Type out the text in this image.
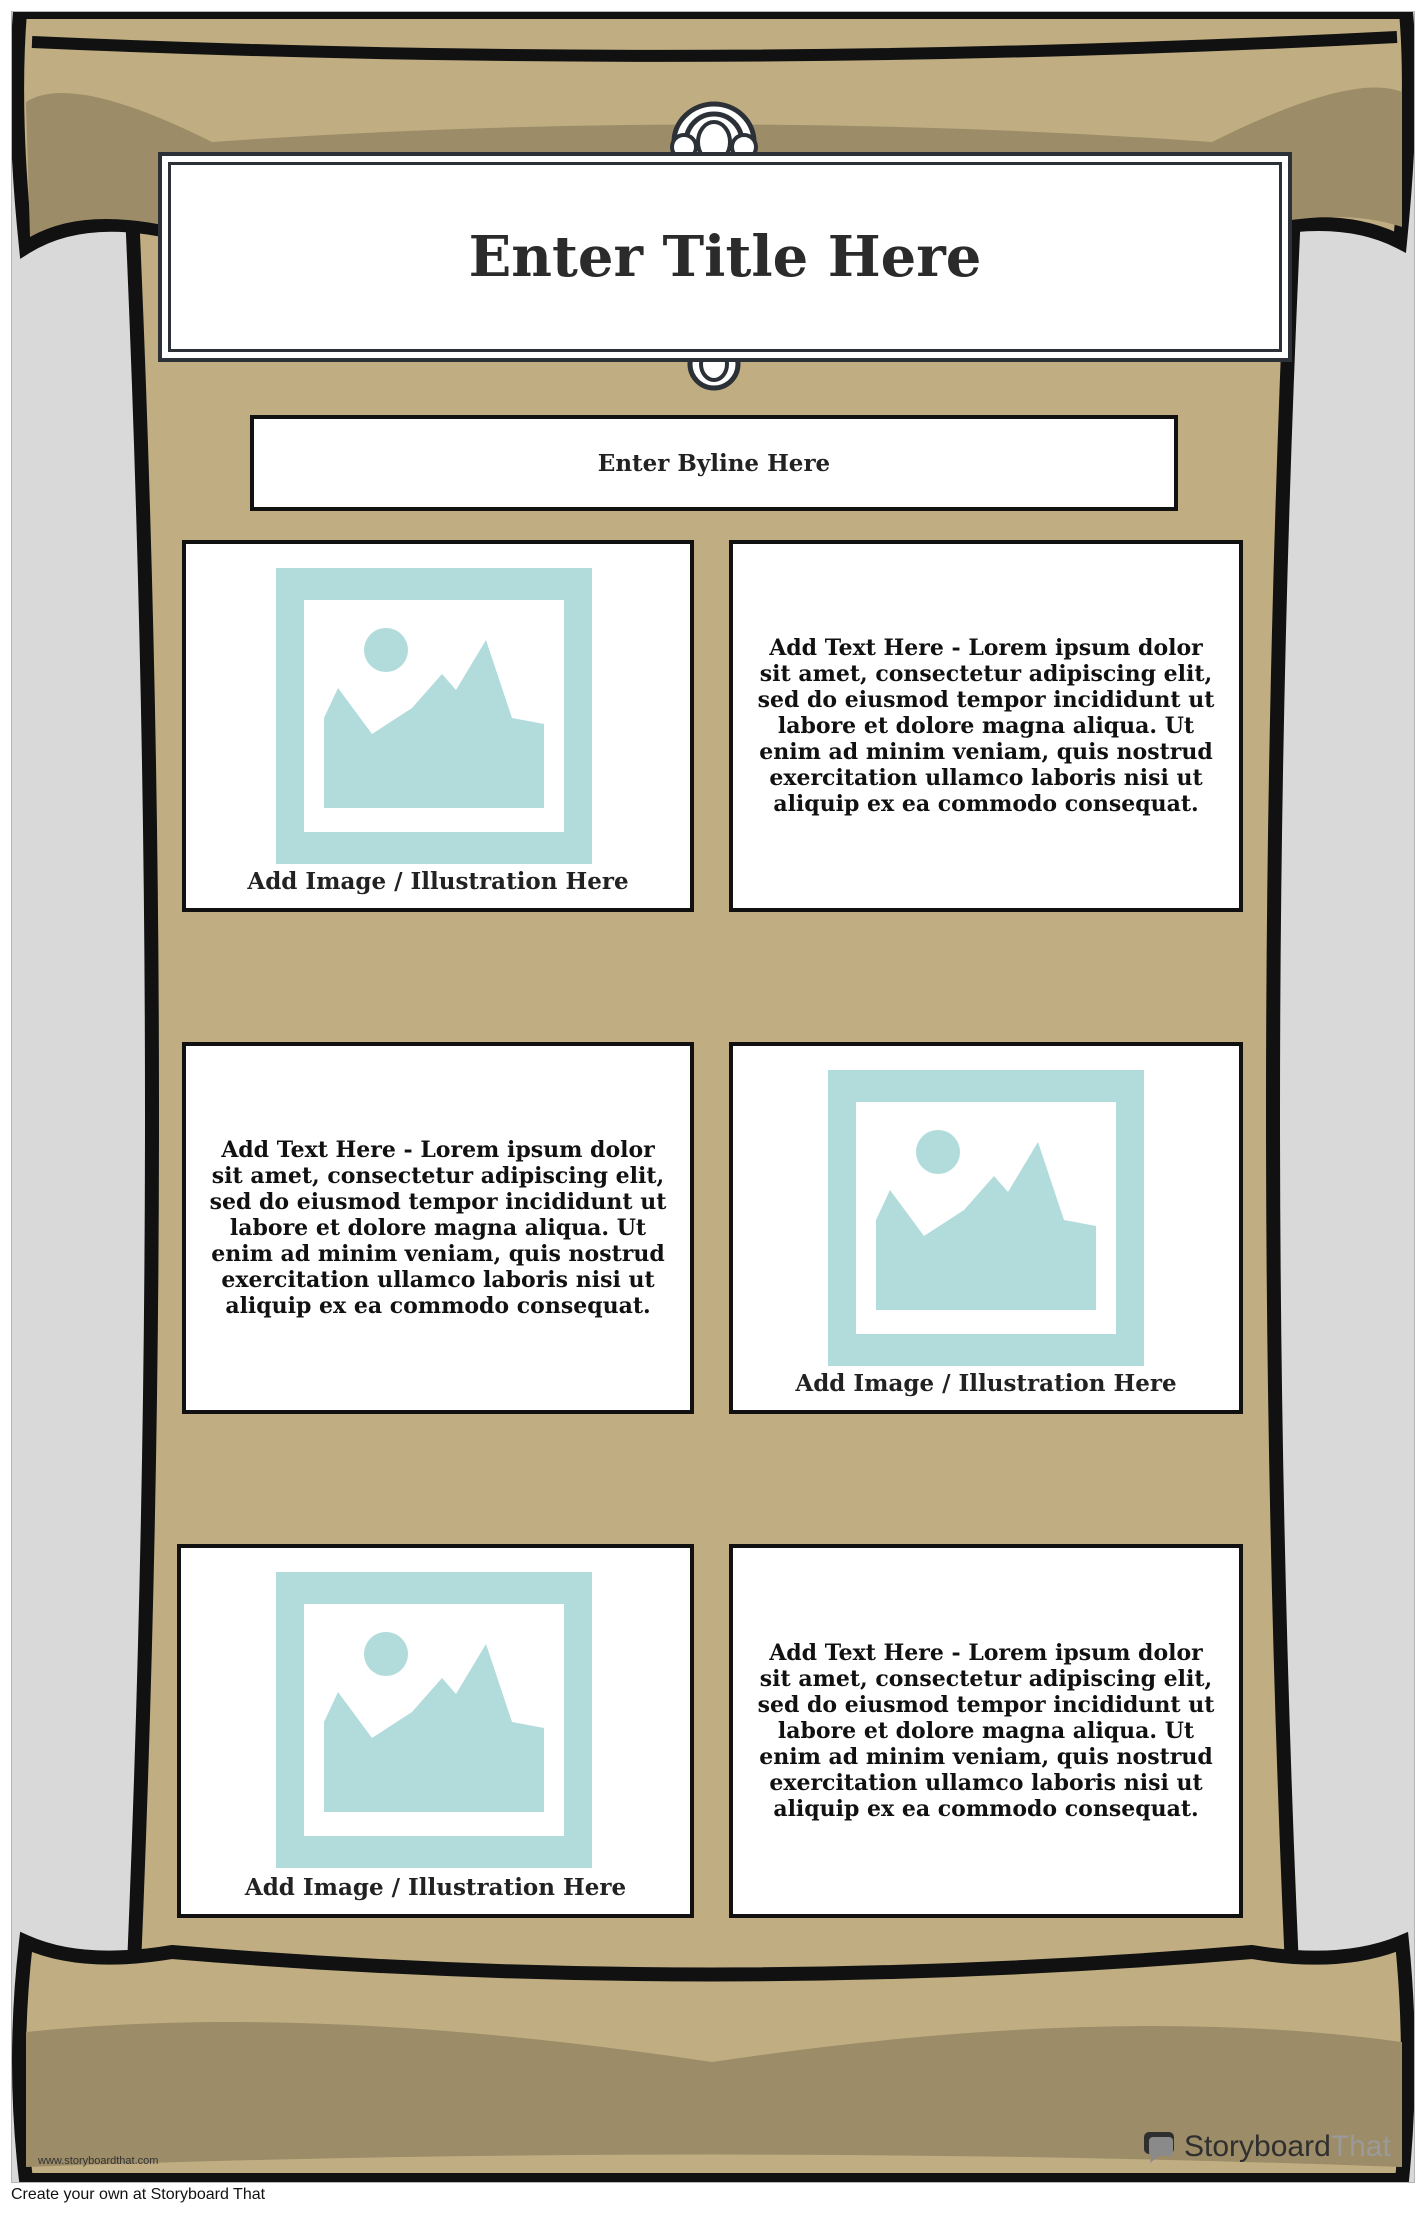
Enter Title Here
Enter Byline Here
Add Image / Illustration Here
Add Text Here - Lorem ipsum dolor sit amet, consectetur adipiscing elit, sed do eiusmod tempor incididunt ut labore et dolore magna aliqua. Ut enim ad minim veniam, quis nostrud exercitation ullamco laboris nisi ut aliquip ex ea commodo consequat.
Add Text Here - Lorem ipsum dolor sit amet, consectetur adipiscing elit, sed do eiusmod tempor incididunt ut labore et dolore magna aliqua. Ut enim ad minim veniam, quis nostrud exercitation ullamco laboris nisi ut aliquip ex ea commodo consequat.
Add Image / Illustration Here
Add Image / Illustration Here
Add Text Here - Lorem ipsum dolor sit amet, consectetur adipiscing elit, sed do eiusmod tempor incididunt ut labore et dolore magna aliqua. Ut enim ad minim veniam, quis nostrud exercitation ullamco laboris nisi ut aliquip ex ea commodo consequat.
www.storyboardthat.com	Storyboard That
Create your own at Storyboard That
